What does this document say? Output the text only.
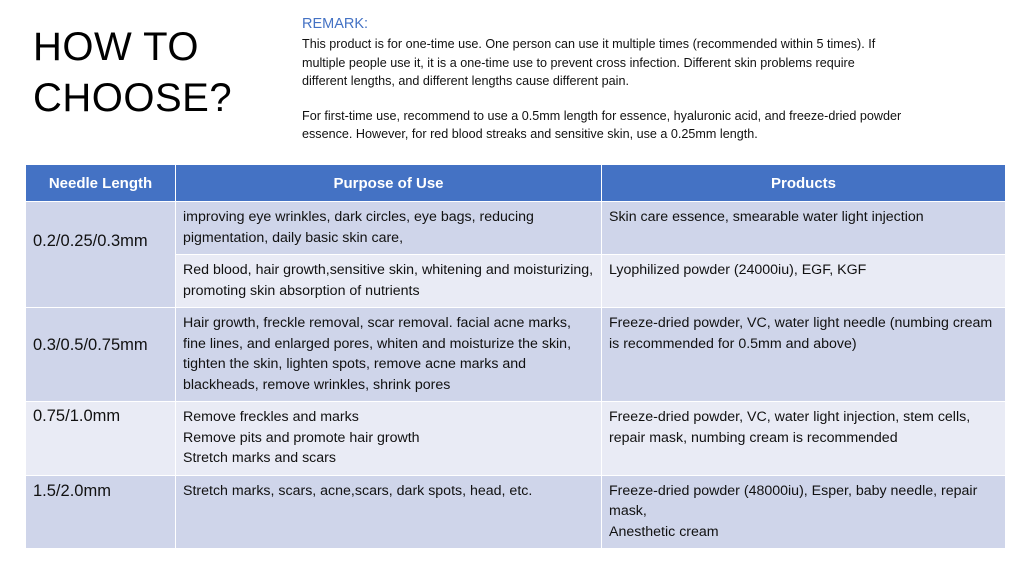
HOW TO
CHOOSE?
REMARK:

This product is for one-time use. One person can use it multiple times (recommended within 5 times). If multiple people use it, it is a one-time use to prevent cross infection. Different skin problems require different lengths, and different lengths cause different pain.

For first-time use, recommend to use a 0.5mm length for essence, hyaluronic acid, and freeze-dried powder essence. However, for red blood streaks and sensitive skin, use a 0.25mm length.

Needle Length	Purpose of Use	Products
0.2/0.25/0.3mm	improving eye wrinkles, dark circles, eye bags, reducing pigmentation, daily basic skin care,	Skin care essence, smearable water light injection
	Red blood, hair growth,sensitive skin, whitening and moisturizing, promoting skin absorption of nutrients	Lyophilized powder (24000iu), EGF, KGF
0.3/0.5/0.75mm	Hair growth, freckle removal, scar removal. facial acne marks, fine lines, and enlarged pores, whiten and moisturize the skin, tighten the skin, lighten spots, remove acne marks and blackheads, remove wrinkles, shrink pores	Freeze-dried powder, VC, water light needle (numbing cream is recommended for 0.5mm and above)
0.75/1.0mm	Remove freckles and marks
Remove pits and promote hair growth
Stretch marks and scars	Freeze-dried powder, VC, water light injection, stem cells, repair mask, numbing cream is recommended
1.5/2.0mm	Stretch marks, scars, acne,scars, dark spots, head, etc.	Freeze-dried powder (48000iu), Esper, baby needle, repair mask,
Anesthetic cream
